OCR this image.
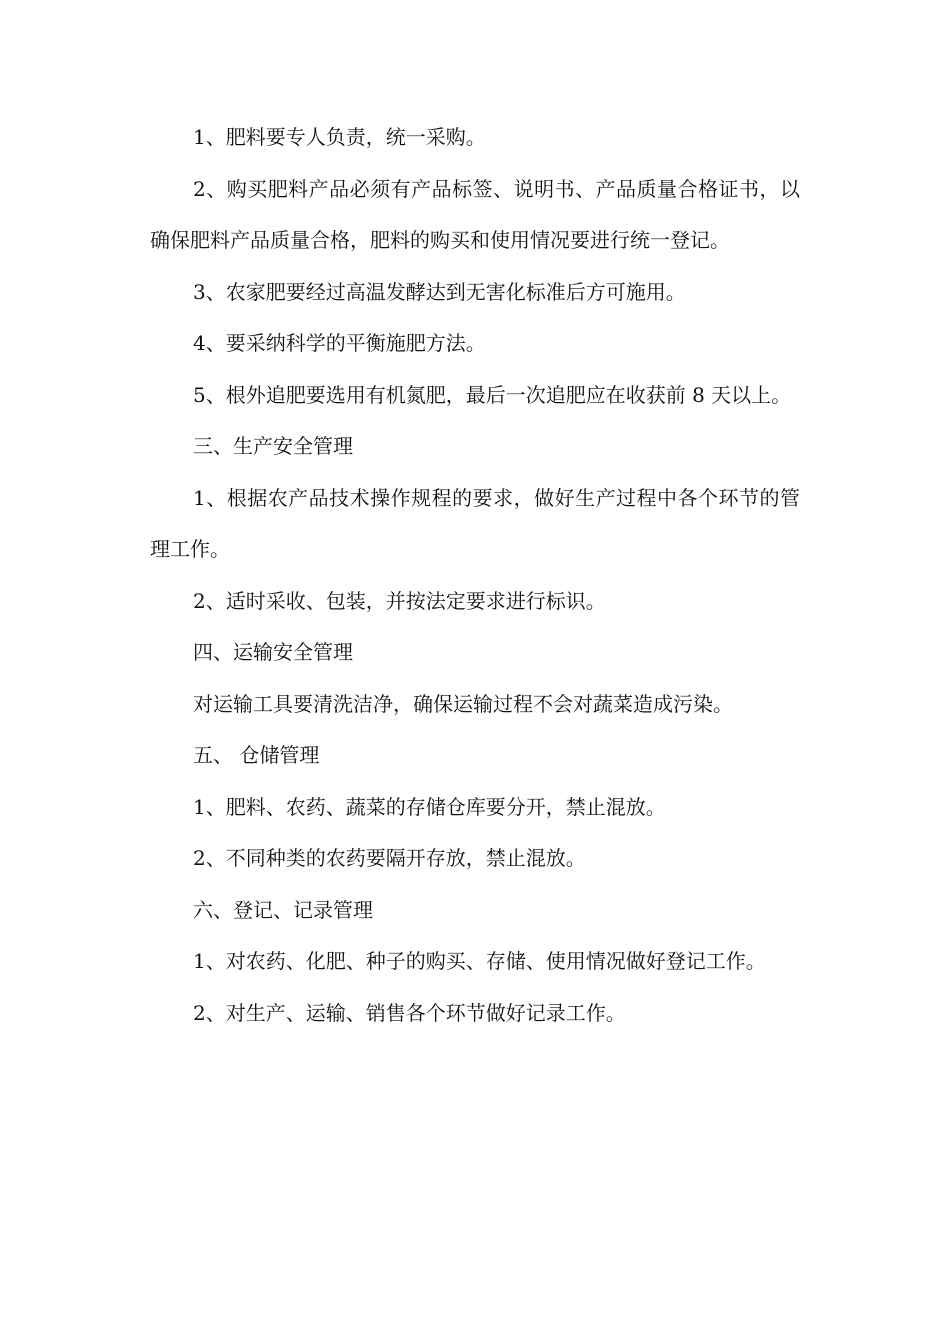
1、肥料要专人负责，统一采购。

2、购买肥料产品必须有产品标签、说明书、产品质量合格证书，以确保肥料产品质量合格，肥料的购买和使用情况要进行统一登记。

3、农家肥要经过高温发酵达到无害化标准后方可施用。

4、要采纳科学的平衡施肥方法。

5、根外追肥要选用有机氮肥，最后一次追肥应在收获前 8 天以上。

三、生产安全管理

1、根据农产品技术操作规程的要求，做好生产过程中各个环节的管理工作。

2、适时采收、包装，并按法定要求进行标识。

四、运输安全管理

对运输工具要清洗洁净，确保运输过程不会对蔬菜造成污染。

五、 仓储管理

1、肥料、农药、蔬菜的存储仓库要分开，禁止混放。

2、不同种类的农药要隔开存放，禁止混放。

六、登记、记录管理

1、对农药、化肥、种子的购买、存储、使用情况做好登记工作。

2、对生产、运输、销售各个环节做好记录工作。
